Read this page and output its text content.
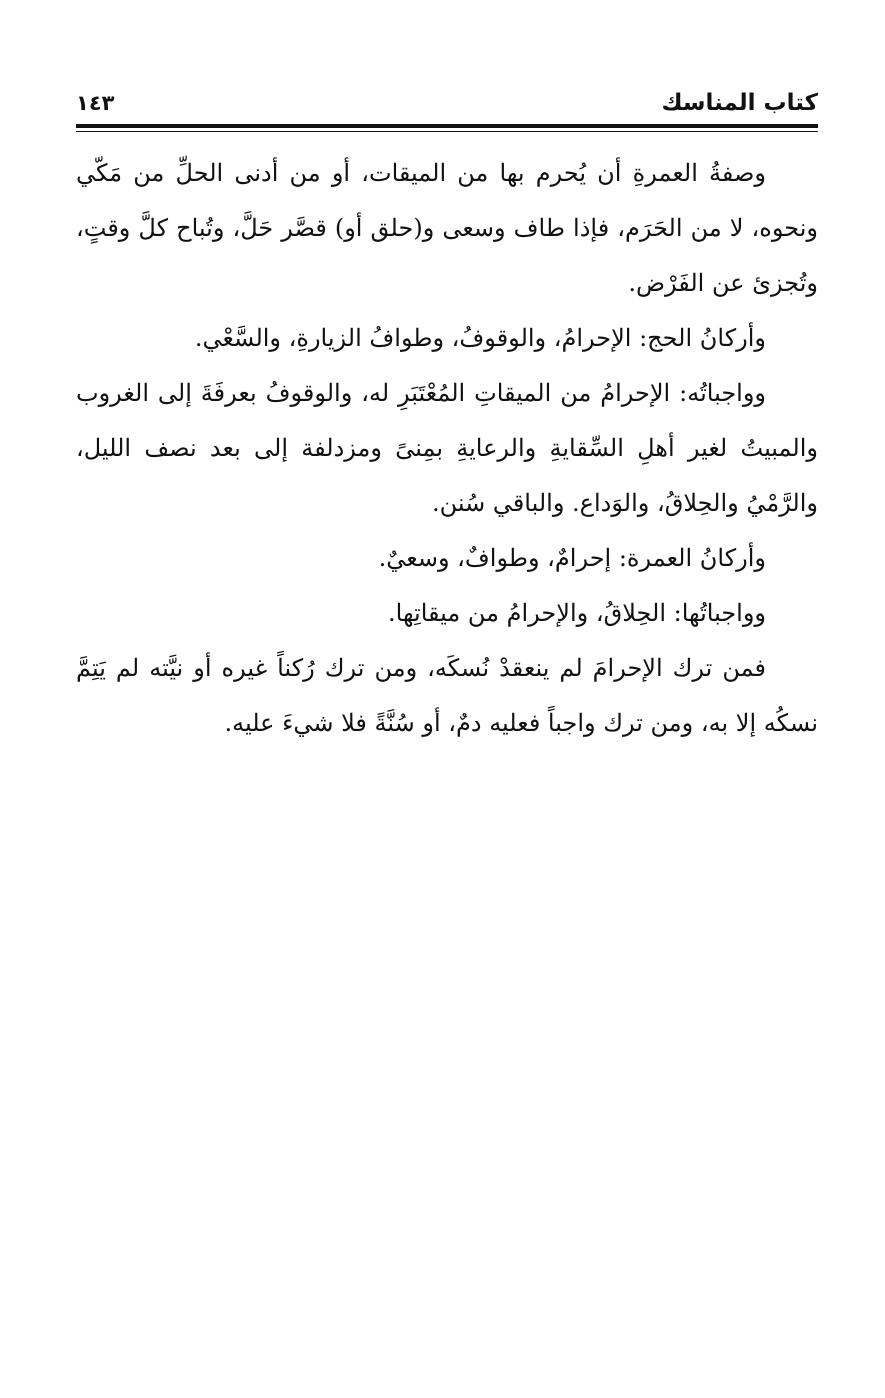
كتاب المناسك
١٤٣

وصفةُ العمرةِ أن يُحرم بها من الميقات، أو من أدنى الحلِّ من مَكّي ونحوه، لا من الحَرَم، فإذا طاف وسعى و(حلق أو) قصَّر حَلَّ، وتُباح كلَّ وقتٍ، وتُجزئ عن الفَرْض.

وأركانُ الحج: الإحرامُ، والوقوفُ، وطوافُ الزيارةِ، والسَّعْي.

وواجباتُه: الإحرامُ من الميقاتِ المُعْتَبَرِ له، والوقوفُ بعرفَةَ إلى الغروب والمبيتُ لغير أهلِ السِّقايةِ والرعايةِ بمِنىً ومزدلفة إلى بعد نصف الليل، والرَّمْيُ والحِلاقُ، والوَداع. والباقي سُنن.

وأركانُ العمرة: إحرامٌ، وطوافٌ، وسعيٌ.

وواجباتُها: الحِلاقُ، والإحرامُ من ميقاتِها.

فمن ترك الإحرامَ لم ينعقدْ نُسكَه، ومن ترك رُكناً غيره أو نيَّته لم يَتِمَّ نسكُه إلا به، ومن ترك واجباً فعليه دمٌ، أو سُنَّةً فلا شيءَ عليه.
